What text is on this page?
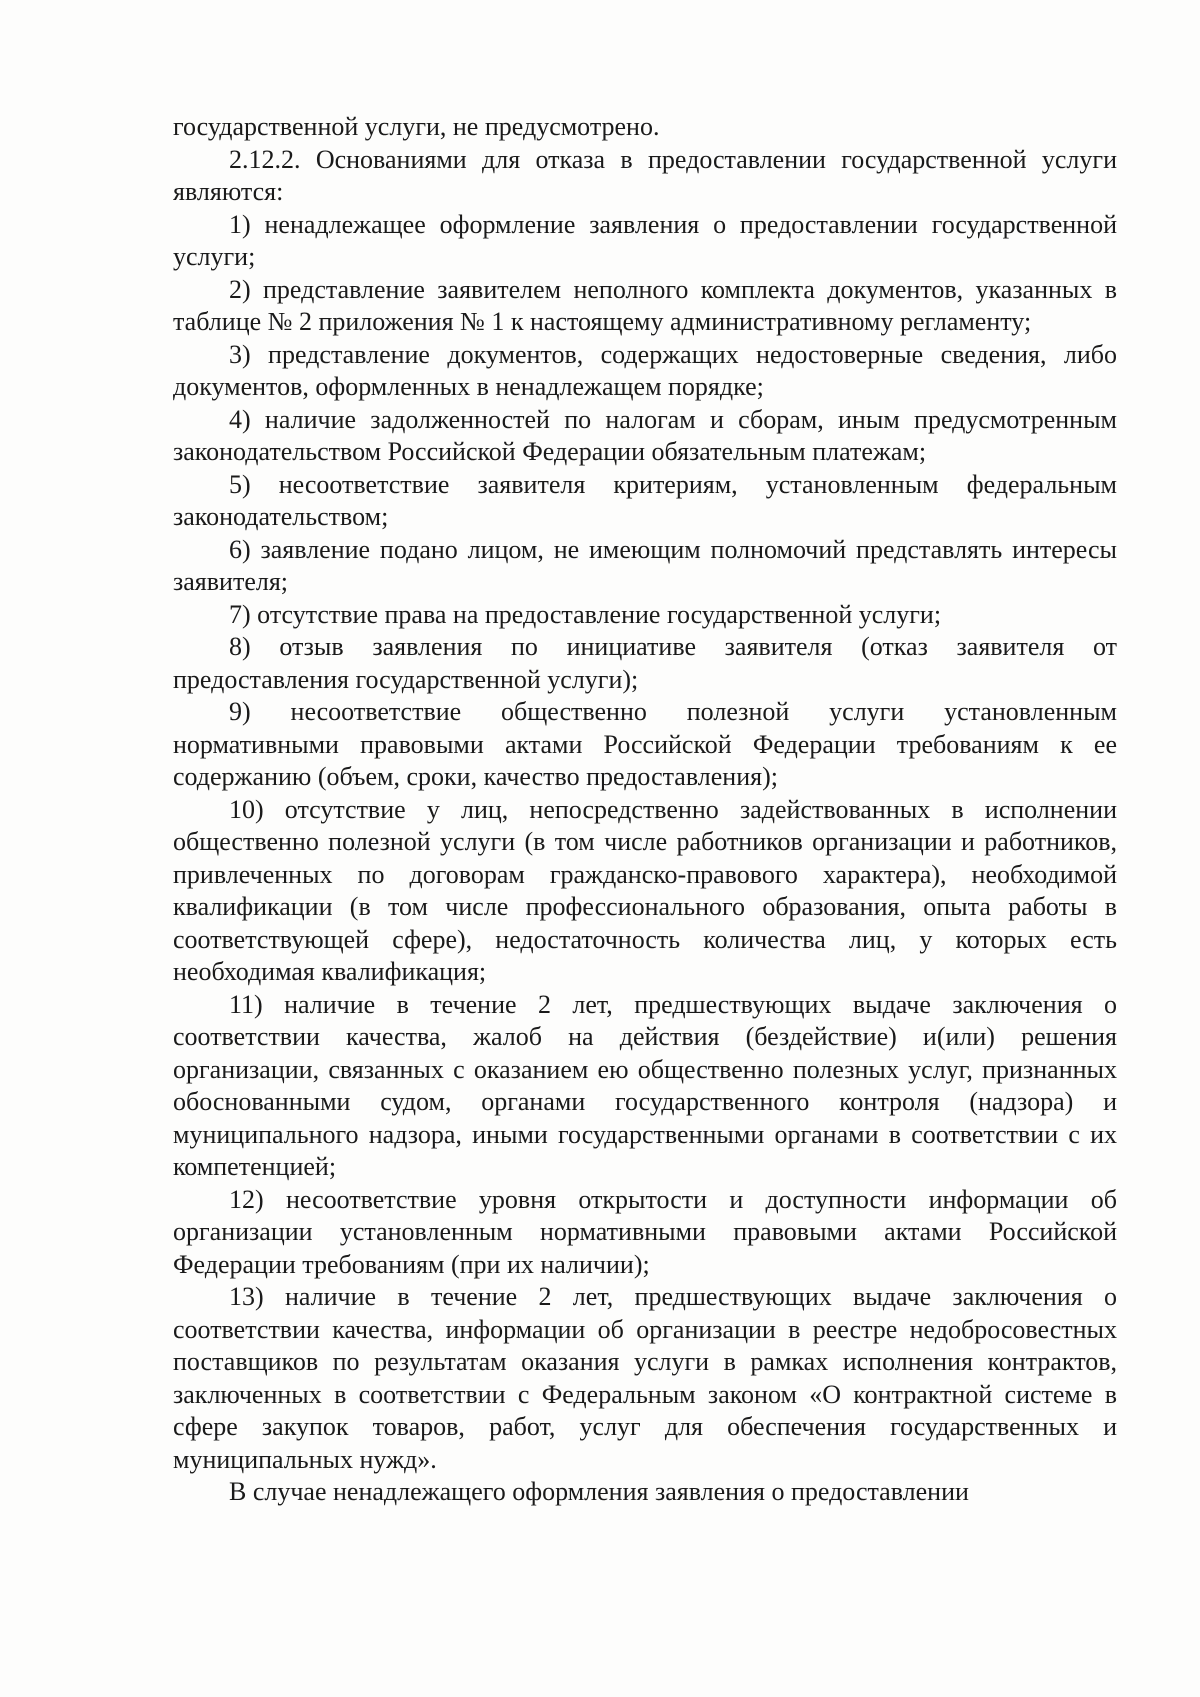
государственной услуги, не предусмотрено.

2.12.2. Основаниями для отказа в предоставлении государственной услуги являются:

1) ненадлежащее оформление заявления о предоставлении государственной услуги;

2) представление заявителем неполного комплекта документов, указанных в таблице № 2 приложения № 1 к настоящему административному регламенту;

3) представление документов, содержащих недостоверные сведения, либо документов, оформленных в ненадлежащем порядке;

4) наличие задолженностей по налогам и сборам, иным предусмотренным законодательством Российской Федерации обязательным платежам;

5) несоответствие заявителя критериям, установленным федеральным законодательством;

6) заявление подано лицом, не имеющим полномочий представлять интересы заявителя;

7) отсутствие права на предоставление государственной услуги;

8) отзыв заявления по инициативе заявителя (отказ заявителя от предоставления государственной услуги);

9) несоответствие общественно полезной услуги установленным нормативными правовыми актами Российской Федерации требованиям к ее содержанию (объем, сроки, качество предоставления);

10) отсутствие у лиц, непосредственно задействованных в исполнении общественно полезной услуги (в том числе работников организации и работников, привлеченных по договорам гражданско-правового характера), необходимой квалификации (в том числе профессионального образования, опыта работы в соответствующей сфере), недостаточность количества лиц, у которых есть необходимая квалификация;

11) наличие в течение 2 лет, предшествующих выдаче заключения о соответствии качества, жалоб на действия (бездействие) и(или) решения организации, связанных с оказанием ею общественно полезных услуг, признанных обоснованными судом, органами государственного контроля (надзора) и муниципального надзора, иными государственными органами в соответствии с их компетенцией;

12) несоответствие уровня открытости и доступности информации об организации установленным нормативными правовыми актами Российской Федерации требованиям (при их наличии);

13) наличие в течение 2 лет, предшествующих выдаче заключения о соответствии качества, информации об организации в реестре недобросовестных поставщиков по результатам оказания услуги в рамках исполнения контрактов, заключенных в соответствии с Федеральным законом «О контрактной системе в сфере закупок товаров, работ, услуг для обеспечения государственных и муниципальных нужд».

В случае ненадлежащего оформления заявления о предоставлении
